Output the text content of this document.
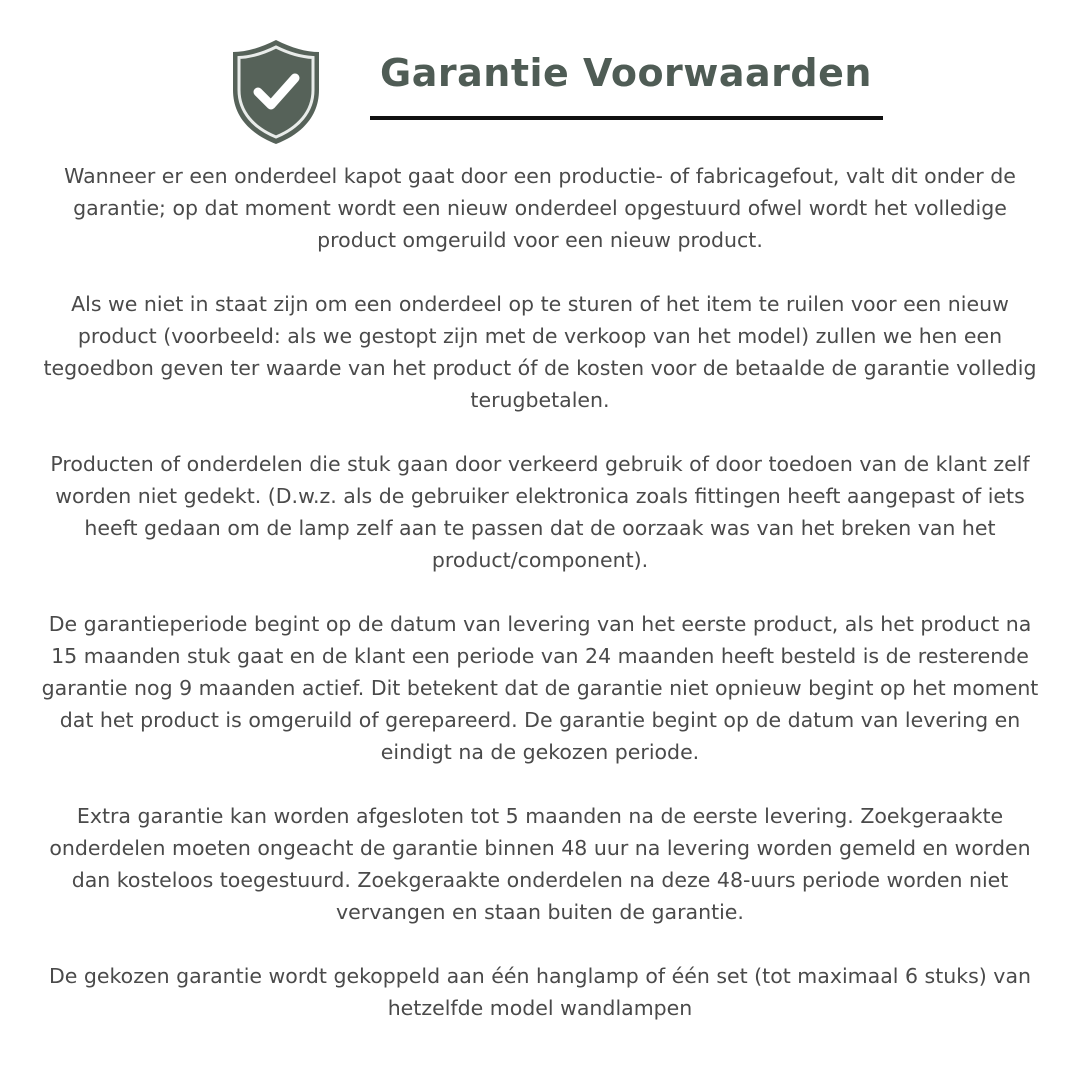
Garantie Voorwaarden

Wanneer er een onderdeel kapot gaat door een productie- of fabricagefout, valt dit onder de garantie; op dat moment wordt een nieuw onderdeel opgestuurd ofwel wordt het volledige product omgeruild voor een nieuw product.

Als we niet in staat zijn om een onderdeel op te sturen of het item te ruilen voor een nieuw product (voorbeeld: als we gestopt zijn met de verkoop van het model) zullen we hen een tegoedbon geven ter waarde van het product óf de kosten voor de betaalde de garantie volledig terugbetalen.

Producten of onderdelen die stuk gaan door verkeerd gebruik of door toedoen van de klant zelf worden niet gedekt. (D.w.z. als de gebruiker elektronica zoals fittingen heeft aangepast of iets heeft gedaan om de lamp zelf aan te passen dat de oorzaak was van het breken van het product/component).

De garantieperiode begint op de datum van levering van het eerste product, als het product na 15 maanden stuk gaat en de klant een periode van 24 maanden heeft besteld is de resterende garantie nog 9 maanden actief. Dit betekent dat de garantie niet opnieuw begint op het moment dat het product is omgeruild of gerepareerd. De garantie begint op de datum van levering en eindigt na de gekozen periode.

Extra garantie kan worden afgesloten tot 5 maanden na de eerste levering. Zoekgeraakte onderdelen moeten ongeacht de garantie binnen 48 uur na levering worden gemeld en worden dan kosteloos toegestuurd. Zoekgeraakte onderdelen na deze 48-uurs periode worden niet vervangen en staan buiten de garantie.

De gekozen garantie wordt gekoppeld aan één hanglamp of één set (tot maximaal 6 stuks) van hetzelfde model wandlampen
